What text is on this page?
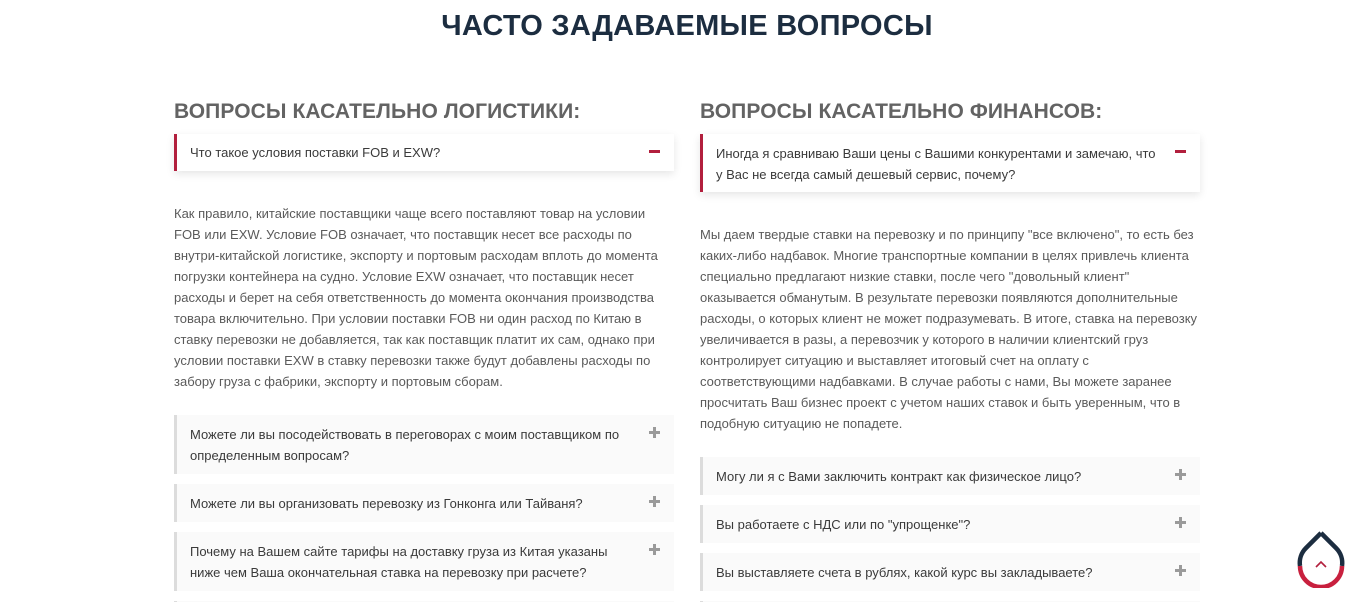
ЧАСТО ЗАДАВАЕМЫЕ ВОПРОСЫ
ВОПРОСЫ КАСАТЕЛЬНО ЛОГИСТИКИ:
Что такое условия поставки FOB и EXW?
Как правило, китайские поставщики чаще всего поставляют товар на условии FOB или EXW. Условие FOB означает, что поставщик несет все расходы по внутри-китайской логистике, экспорту и портовым расходам вплоть до момента погрузки контейнера на судно. Условие EXW означает, что поставщик несет расходы и берет на себя ответственность до момента окончания производства товара включительно. При условии поставки FOB ни один расход по Китаю в ставку перевозки не добавляется, так как поставщик платит их сам, однако при условии поставки EXW в ставку перевозки также будут добавлены расходы по забору груза с фабрики, экспорту и портовым сборам.
Можете ли вы посодействовать в переговорах с моим поставщиком по определенным вопросам?
Можете ли вы организовать перевозку из Гонконга или Тайваня?
Почему на Вашем сайте тарифы на доставку груза из Китая указаны ниже чем Ваша окончательная ставка на перевозку при расчете?
ВОПРОСЫ КАСАТЕЛЬНО ФИНАНСОВ:
Иногда я сравниваю Ваши цены с Вашими конкурентами и замечаю, что у Вас не всегда самый дешевый сервис, почему?
Мы даем твердые ставки на перевозку и по принципу "все включено", то есть без каких-либо надбавок. Многие транспортные компании в целях привлечь клиента специально предлагают низкие ставки, после чего "довольный клиент" оказывается обманутым. В результате перевозки появляются дополнительные расходы, о которых клиент не может подразумевать. В итоге, ставка на перевозку увеличивается в разы, а перевозчик у которого в наличии клиентский груз контролирует ситуацию и выставляет итоговый счет на оплату с соответствующими надбавками. В случае работы с нами, Вы можете заранее просчитать Ваш бизнес проект с учетом наших ставок и быть уверенным, что в подобную ситуацию не попадете.
Могу ли я с Вами заключить контракт как физическое лицо?
Вы работаете с НДС или по "упрощенке"?
Вы выставляете счета в рублях, какой курс вы закладываете?
